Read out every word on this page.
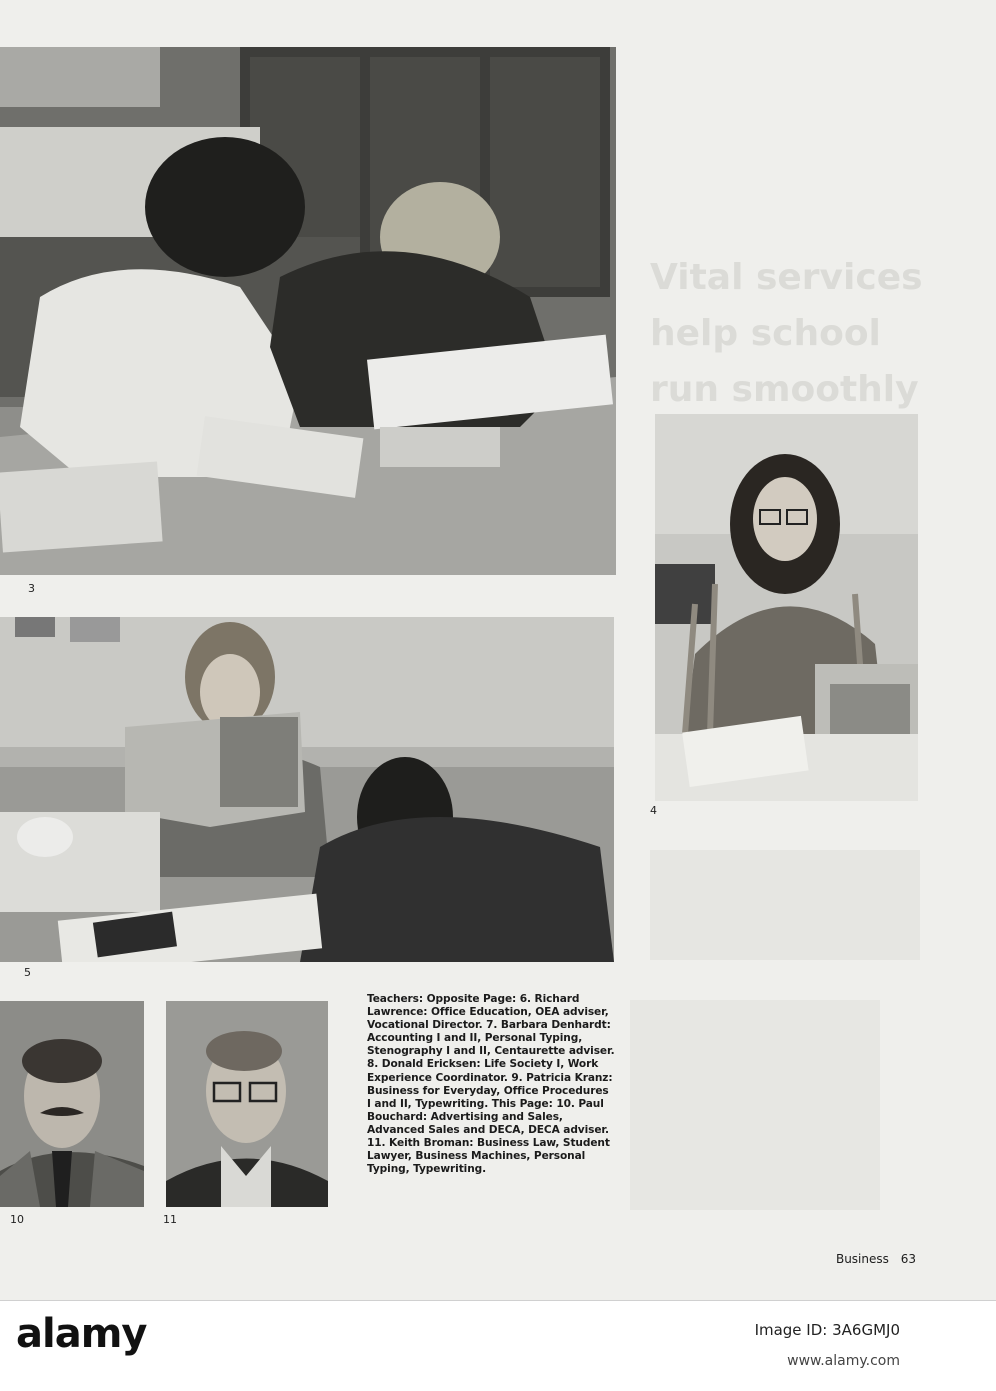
Vital services
help school
run smoothly
3
4
5
10	11
Teachers: Opposite Page: 6. Richard Lawrence: Office Education, OEA adviser, Vocational Director. 7. Barbara Denhardt: Accounting I and II, Personal Typing, Stenography I and II, Centaurette adviser. 8. Donald Ericksen: Life Society I, Work Experience Coordinator. 9. Patricia Kranz: Business for Everyday, Office Procedures I and II, Typewriting. This Page: 10. Paul Bouchard: Advertising and Sales, Advanced Sales and DECA, DECA adviser. 11. Keith Broman: Business Law, Student Lawyer, Business Machines, Personal Typing, Typewriting.
Business 63
alamy	Image ID: 3A6GMJ0
www.alamy.com
